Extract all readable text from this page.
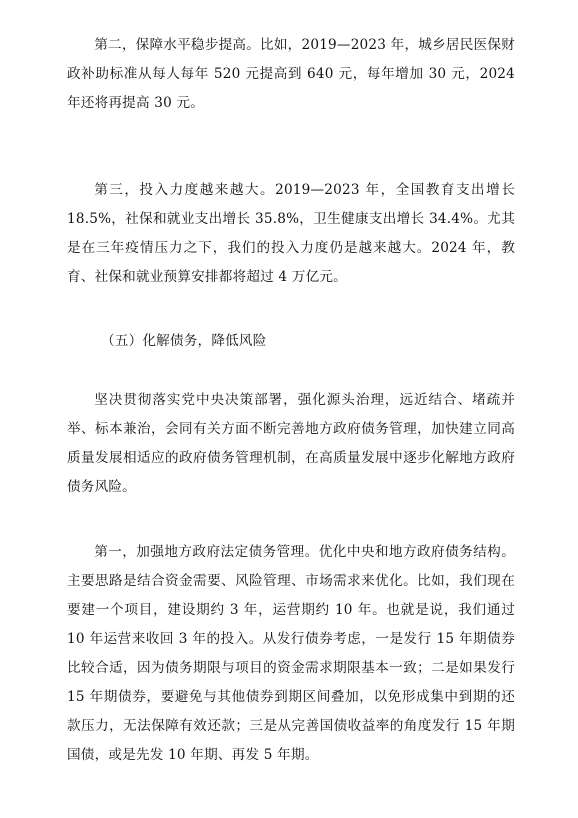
第二，保障水平稳步提高。比如，2019—2023 年，城乡居民医保财政补助标准从每人每年 520 元提高到 640 元，每年增加 30 元，2024 年还将再提高 30 元。

第三，投入力度越来越大。2019—2023 年，全国教育支出增长 18.5%，社保和就业支出增长 35.8%，卫生健康支出增长 34.4%。尤其是在三年疫情压力之下，我们的投入力度仍是越来越大。2024 年，教育、社保和就业预算安排都将超过 4 万亿元。

（五）化解债务，降低风险

坚决贯彻落实党中央决策部署，强化源头治理，远近结合、堵疏并举、标本兼治，会同有关方面不断完善地方政府债务管理，加快建立同高质量发展相适应的政府债务管理机制，在高质量发展中逐步化解地方政府债务风险。

第一，加强地方政府法定债务管理。优化中央和地方政府债务结构。主要思路是结合资金需要、风险管理、市场需求来优化。比如，我们现在要建一个项目，建设期约 3 年，运营期约 10 年。也就是说，我们通过 10 年运营来收回 3 年的投入。从发行债券考虑，一是发行 15 年期债券比较合适，因为债务期限与项目的资金需求期限基本一致；二是如果发行 15 年期债券，要避免与其他债券到期区间叠加，以免形成集中到期的还款压力，无法保障有效还款；三是从完善国债收益率的角度发行 15 年期国债，或是先发 10 年期、再发 5 年期。
